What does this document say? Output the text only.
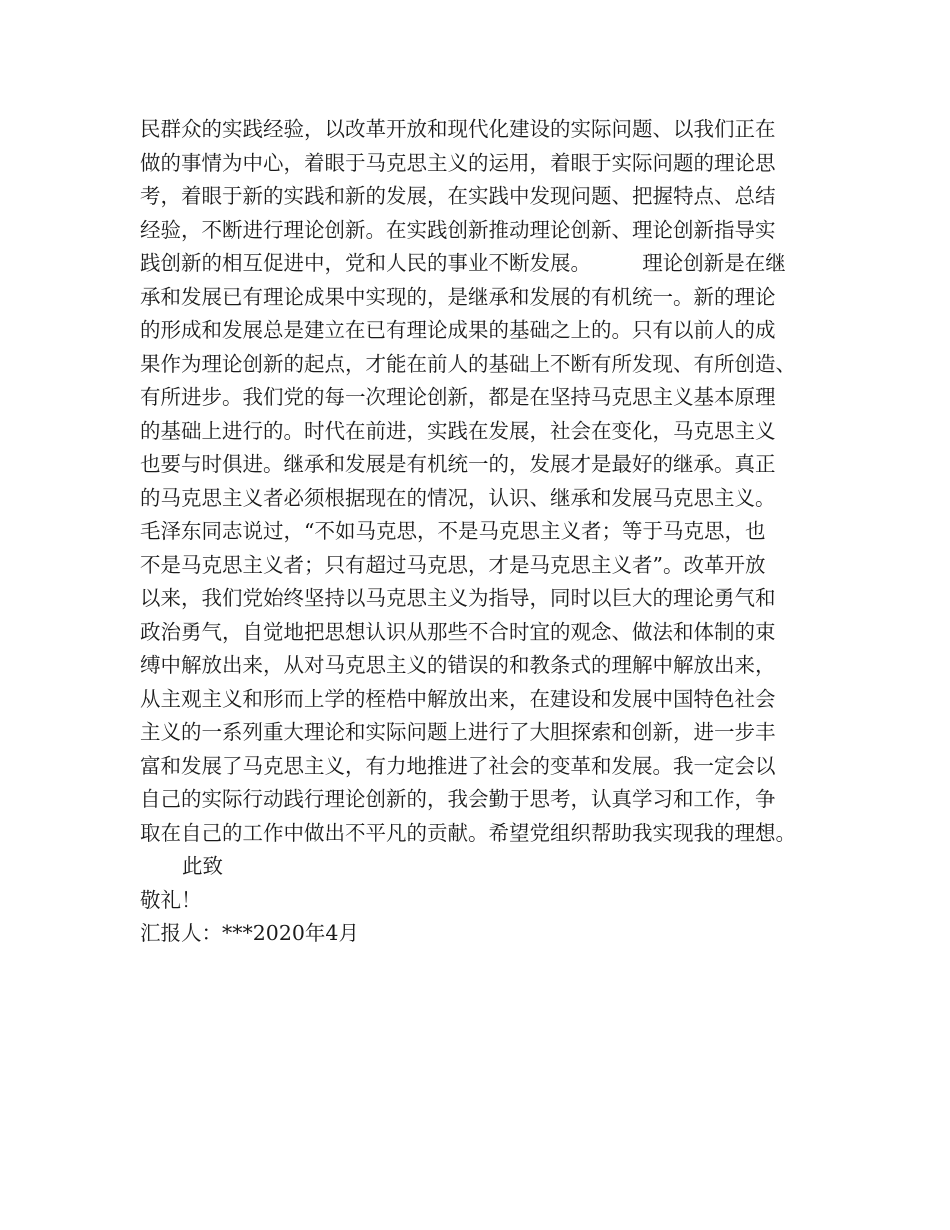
民群众的实践经验，以改革开放和现代化建设的实际问题、以我们正在
做的事情为中心，着眼于马克思主义的运用，着眼于实际问题的理论思
考，着眼于新的实践和新的发展，在实践中发现问题、把握特点、总结
经验，不断进行理论创新。在实践创新推动理论创新、理论创新指导实
践创新的相互促进中，党和人民的事业不断发展。　　　理论创新是在继
承和发展已有理论成果中实现的，是继承和发展的有机统一。新的理论
的形成和发展总是建立在已有理论成果的基础之上的。只有以前人的成
果作为理论创新的起点，才能在前人的基础上不断有所发现、有所创造、
有所进步。我们党的每一次理论创新，都是在坚持马克思主义基本原理
的基础上进行的。时代在前进，实践在发展，社会在变化，马克思主义
也要与时俱进。继承和发展是有机统一的，发展才是最好的继承。真正
的马克思主义者必须根据现在的情况，认识、继承和发展马克思主义。
毛泽东同志说过，“不如马克思，不是马克思主义者；等于马克思，也
不是马克思主义者；只有超过马克思，才是马克思主义者”。改革开放
以来，我们党始终坚持以马克思主义为指导，同时以巨大的理论勇气和
政治勇气，自觉地把思想认识从那些不合时宜的观念、做法和体制的束
缚中解放出来，从对马克思主义的错误的和教条式的理解中解放出来，
从主观主义和形而上学的桎梏中解放出来，在建设和发展中国特色社会
主义的一系列重大理论和实际问题上进行了大胆探索和创新，进一步丰
富和发展了马克思主义，有力地推进了社会的变革和发展。我一定会以
自己的实际行动践行理论创新的，我会勤于思考，认真学习和工作，争
取在自己的工作中做出不平凡的贡献。希望党组织帮助我实现我的理想。
此致
敬礼！
汇报人：***2020年4月
